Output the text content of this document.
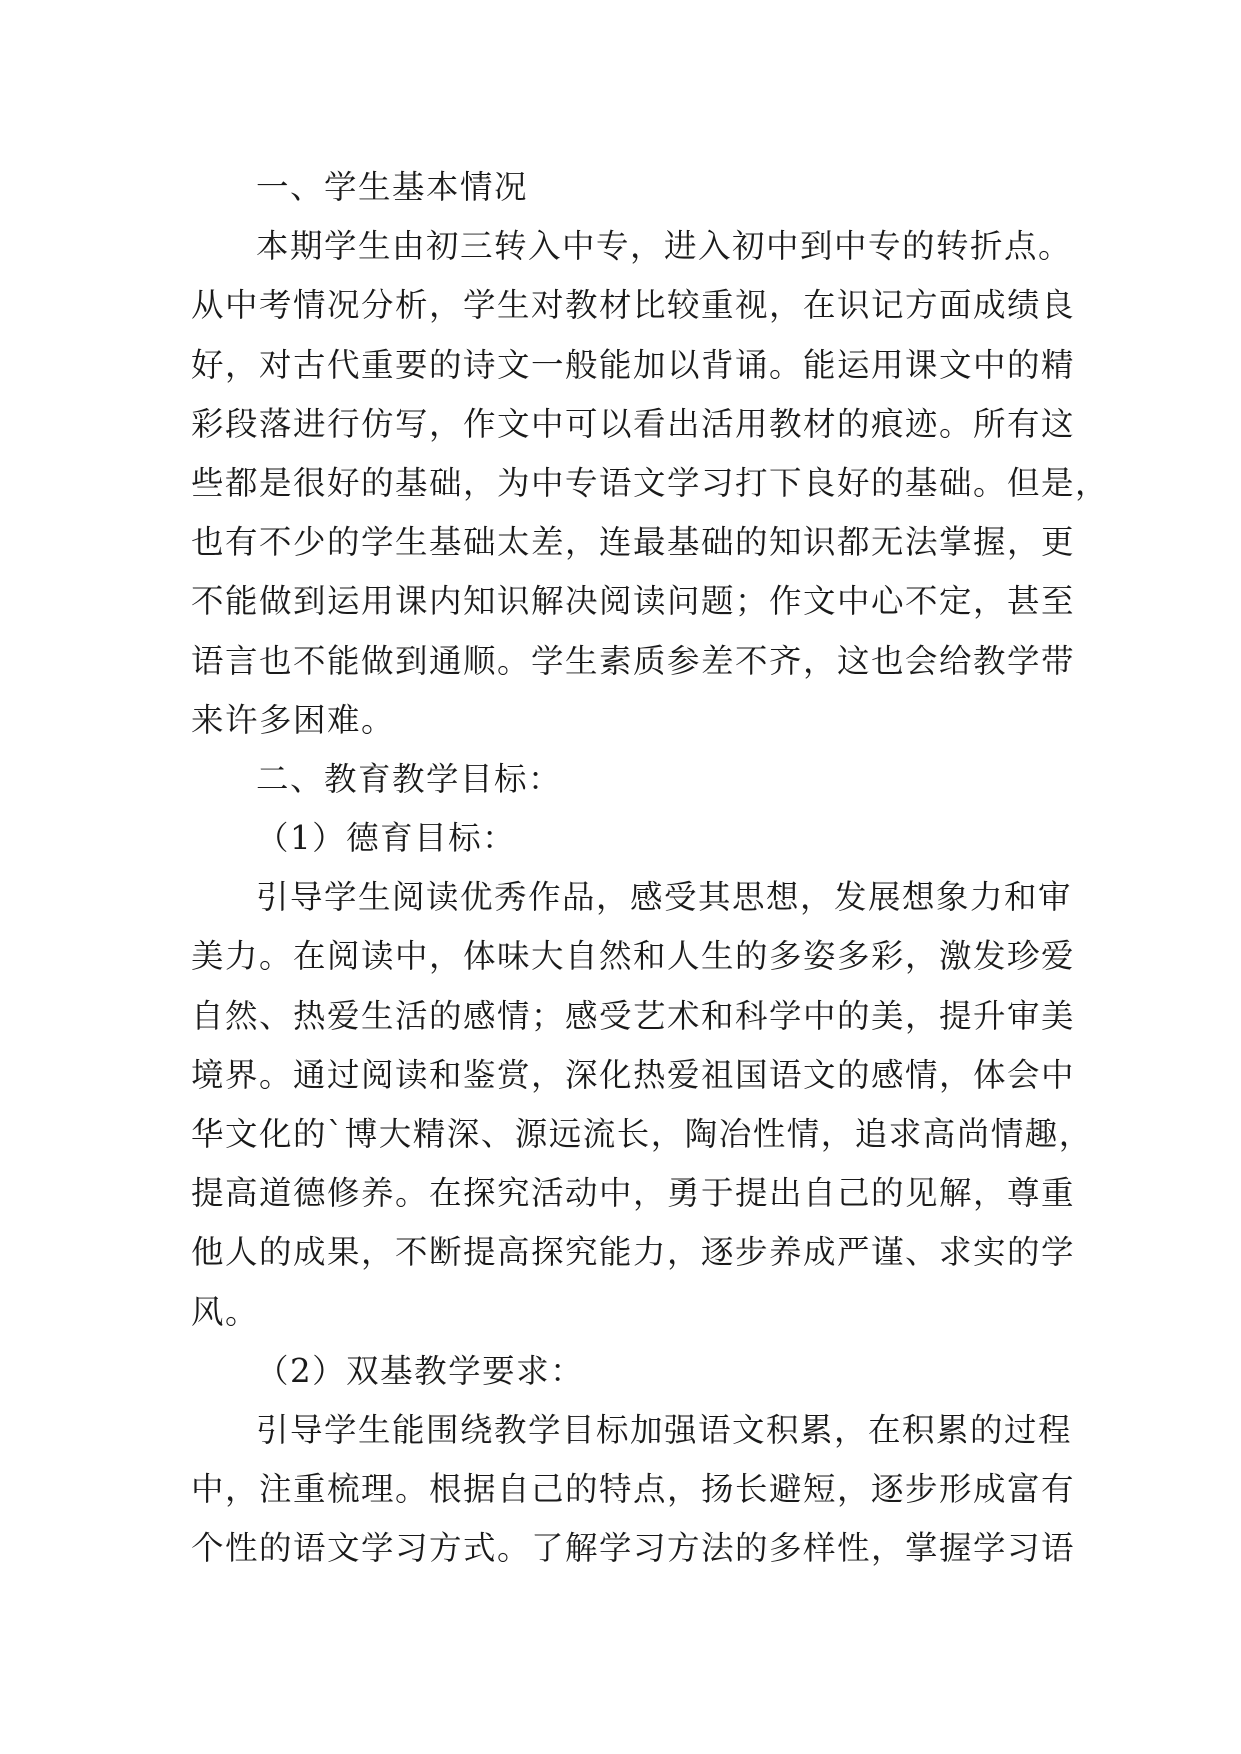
一、学生基本情况
本期学生由初三转入中专，进入初中到中专的转折点。
从中考情况分析，学生对教材比较重视，在识记方面成绩良
好，对古代重要的诗文一般能加以背诵。能运用课文中的精
彩段落进行仿写，作文中可以看出活用教材的痕迹。所有这
些都是很好的基础，为中专语文学习打下良好的基础。但是，
也有不少的学生基础太差，连最基础的知识都无法掌握，更
不能做到运用课内知识解决阅读问题；作文中心不定，甚至
语言也不能做到通顺。学生素质参差不齐，这也会给教学带
来许多困难。
二、教育教学目标：
（1）德育目标：
引导学生阅读优秀作品，感受其思想，发展想象力和审
美力。在阅读中，体味大自然和人生的多姿多彩，激发珍爱
自然、热爱生活的感情；感受艺术和科学中的美，提升审美
境界。通过阅读和鉴赏，深化热爱祖国语文的感情，体会中
华文化的`博大精深、源远流长，陶冶性情，追求高尚情趣，
提高道德修养。在探究活动中，勇于提出自己的见解，尊重
他人的成果，不断提高探究能力，逐步养成严谨、求实的学
风。
（2）双基教学要求：
引导学生能围绕教学目标加强语文积累，在积累的过程
中，注重梳理。根据自己的特点，扬长避短，逐步形成富有
个性的语文学习方式。了解学习方法的多样性，掌握学习语
